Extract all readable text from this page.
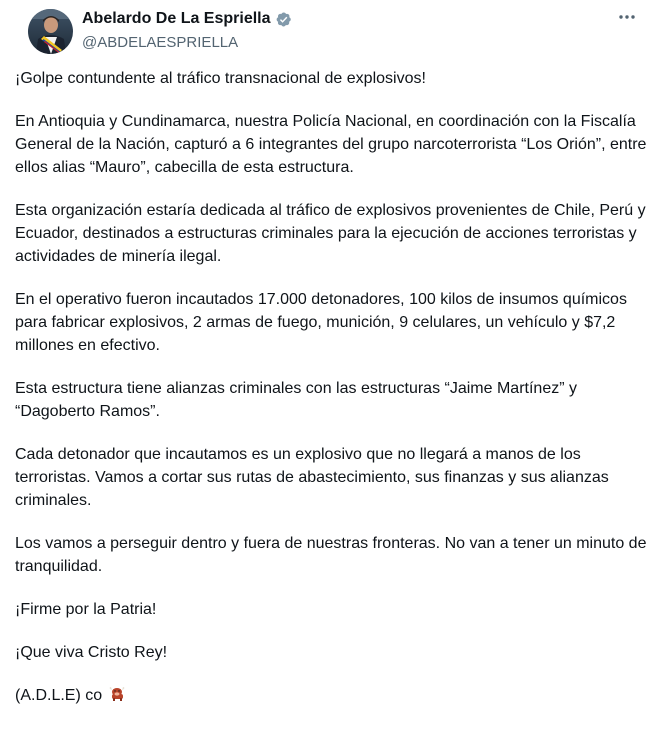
Abelardo De La Espriella
@ABDELAESPRIELLA

¡Golpe contundente al tráfico transnacional de explosivos!

En Antioquia y Cundinamarca, nuestra Policía Nacional, en coordinación con la Fiscalía General de la Nación, capturó a 6 integrantes del grupo narcoterrorista “Los Orión”, entre ellos alias “Mauro”, cabecilla de esta estructura.

Esta organización estaría dedicada al tráfico de explosivos provenientes de Chile, Perú y Ecuador, destinados a estructuras criminales para la ejecución de acciones terroristas y actividades de minería ilegal.

En el operativo fueron incautados 17.000 detonadores, 100 kilos de insumos químicos para fabricar explosivos, 2 armas de fuego, munición, 9 celulares, un vehículo y $7,2 millones en efectivo.

Esta estructura tiene alianzas criminales con las estructuras “Jaime Martínez” y “Dagoberto Ramos”.

Cada detonador que incautamos es un explosivo que no llegará a manos de los terroristas. Vamos a cortar sus rutas de abastecimiento, sus finanzas y sus alianzas criminales.

Los vamos a perseguir dentro y fuera de nuestras fronteras. No van a tener un minuto de tranquilidad.

¡Firme por la Patria!

¡Que viva Cristo Rey!

(A.D.L.E) co
